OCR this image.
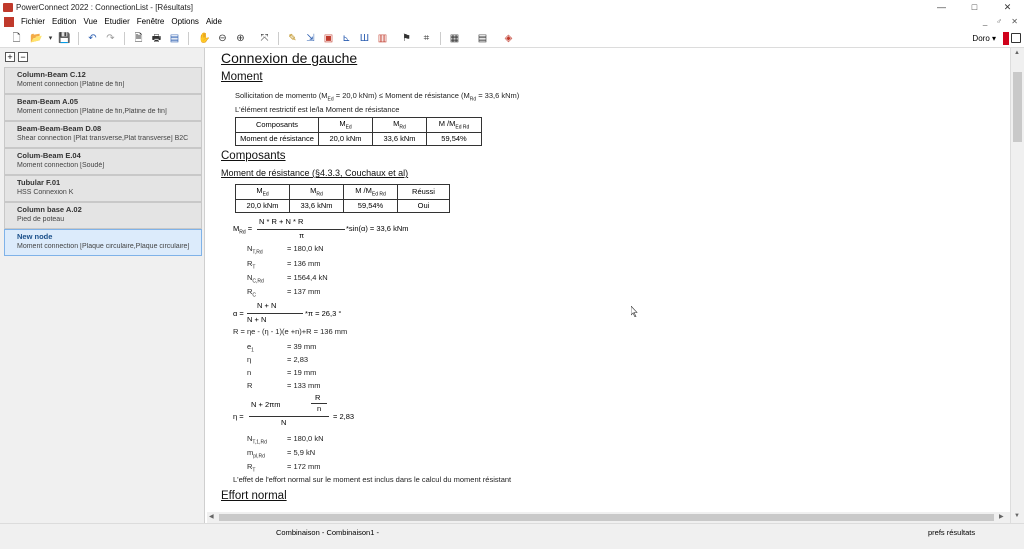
PowerConnect 2022 : ConnectionList - [Résultats]	—	□	✕
Fichier Edition Vue Etudier Fenêtre Options Aide	_ ♂ ✕
🗋 📂 ▾ 💾 ↶ ↷ 🗎 🖶 ▤ ✋ ⊖ ⊕ ⤧ ✎ ⇲ ▣ ⊾ Ш ▥ ⚑	⌗	▦ ▤ ◈	Doro ▾
+ −
Column-Beam C.12
Moment connection [Platine de fin]
Beam-Beam A.05
Moment connection [Platine de fin,Platine de fin]
Beam-Beam-Beam D.08
Shear connection [Plat transverse,Plat transverse] B2C
Colum-Beam E.04
Moment connection [Soudé]
Tubular F.01
HSS Connexion K
Column base A.02
Pied de poteau
New node
Moment connection [Plaque circulaire,Plaque circulaire]
Connexion de gauche
Moment
Sollicitation de momento ($M_{Ed} = 20,0$ kNm) ≤ Moment de résistance ($M_{Rd} = 33,6$ kNm)
L'élément restrictif est le/la Moment de résistance
Composants	$M_{Ed}$	$M_{Rd}$	M $/M_{Ed Rd}$
Moment de résistance	20,0 kNm	33,6 kNm	59,54%
Composants
Moment de résistance (§4.3.3, Couchaux et al)
$M_{Ed}$	$M_{Rd}$	M $/M_{Ed Rd}$	Réussi
20,0 kNm	33,6 kNm	59,54%	Oui
$M_{Rd}$ =
N * R + N * R
π
*sin(α) = 33,6 kNm
$N_{T,Rd}$	= 180,0 kN
$R_T$	= 136 mm
$N_{C,Rd}$	= 1564,4 kN
$R_C$	= 137 mm
α =
N + N
N + N
*π = 26,3 °
R = ηe - (η - 1)(e +n)+R = 136 mm
$e_1$	= 39 mm
η	= 2,83
n	= 19 mm
R	= 133 mm
η =
N + 2πm
R
n
N
= 2,83
$N_{T,1,Rd}$	= 180,0 kN
$m_{pl,Rd}$	= 5,9 kN
$R_T$	= 172 mm
L'effet de l'effort normal sur le moment est inclus dans le calcul du moment résistant
Effort normal
▲
▼
◀	▶
Combinaison - Combinaison1 -	prefs résultats
